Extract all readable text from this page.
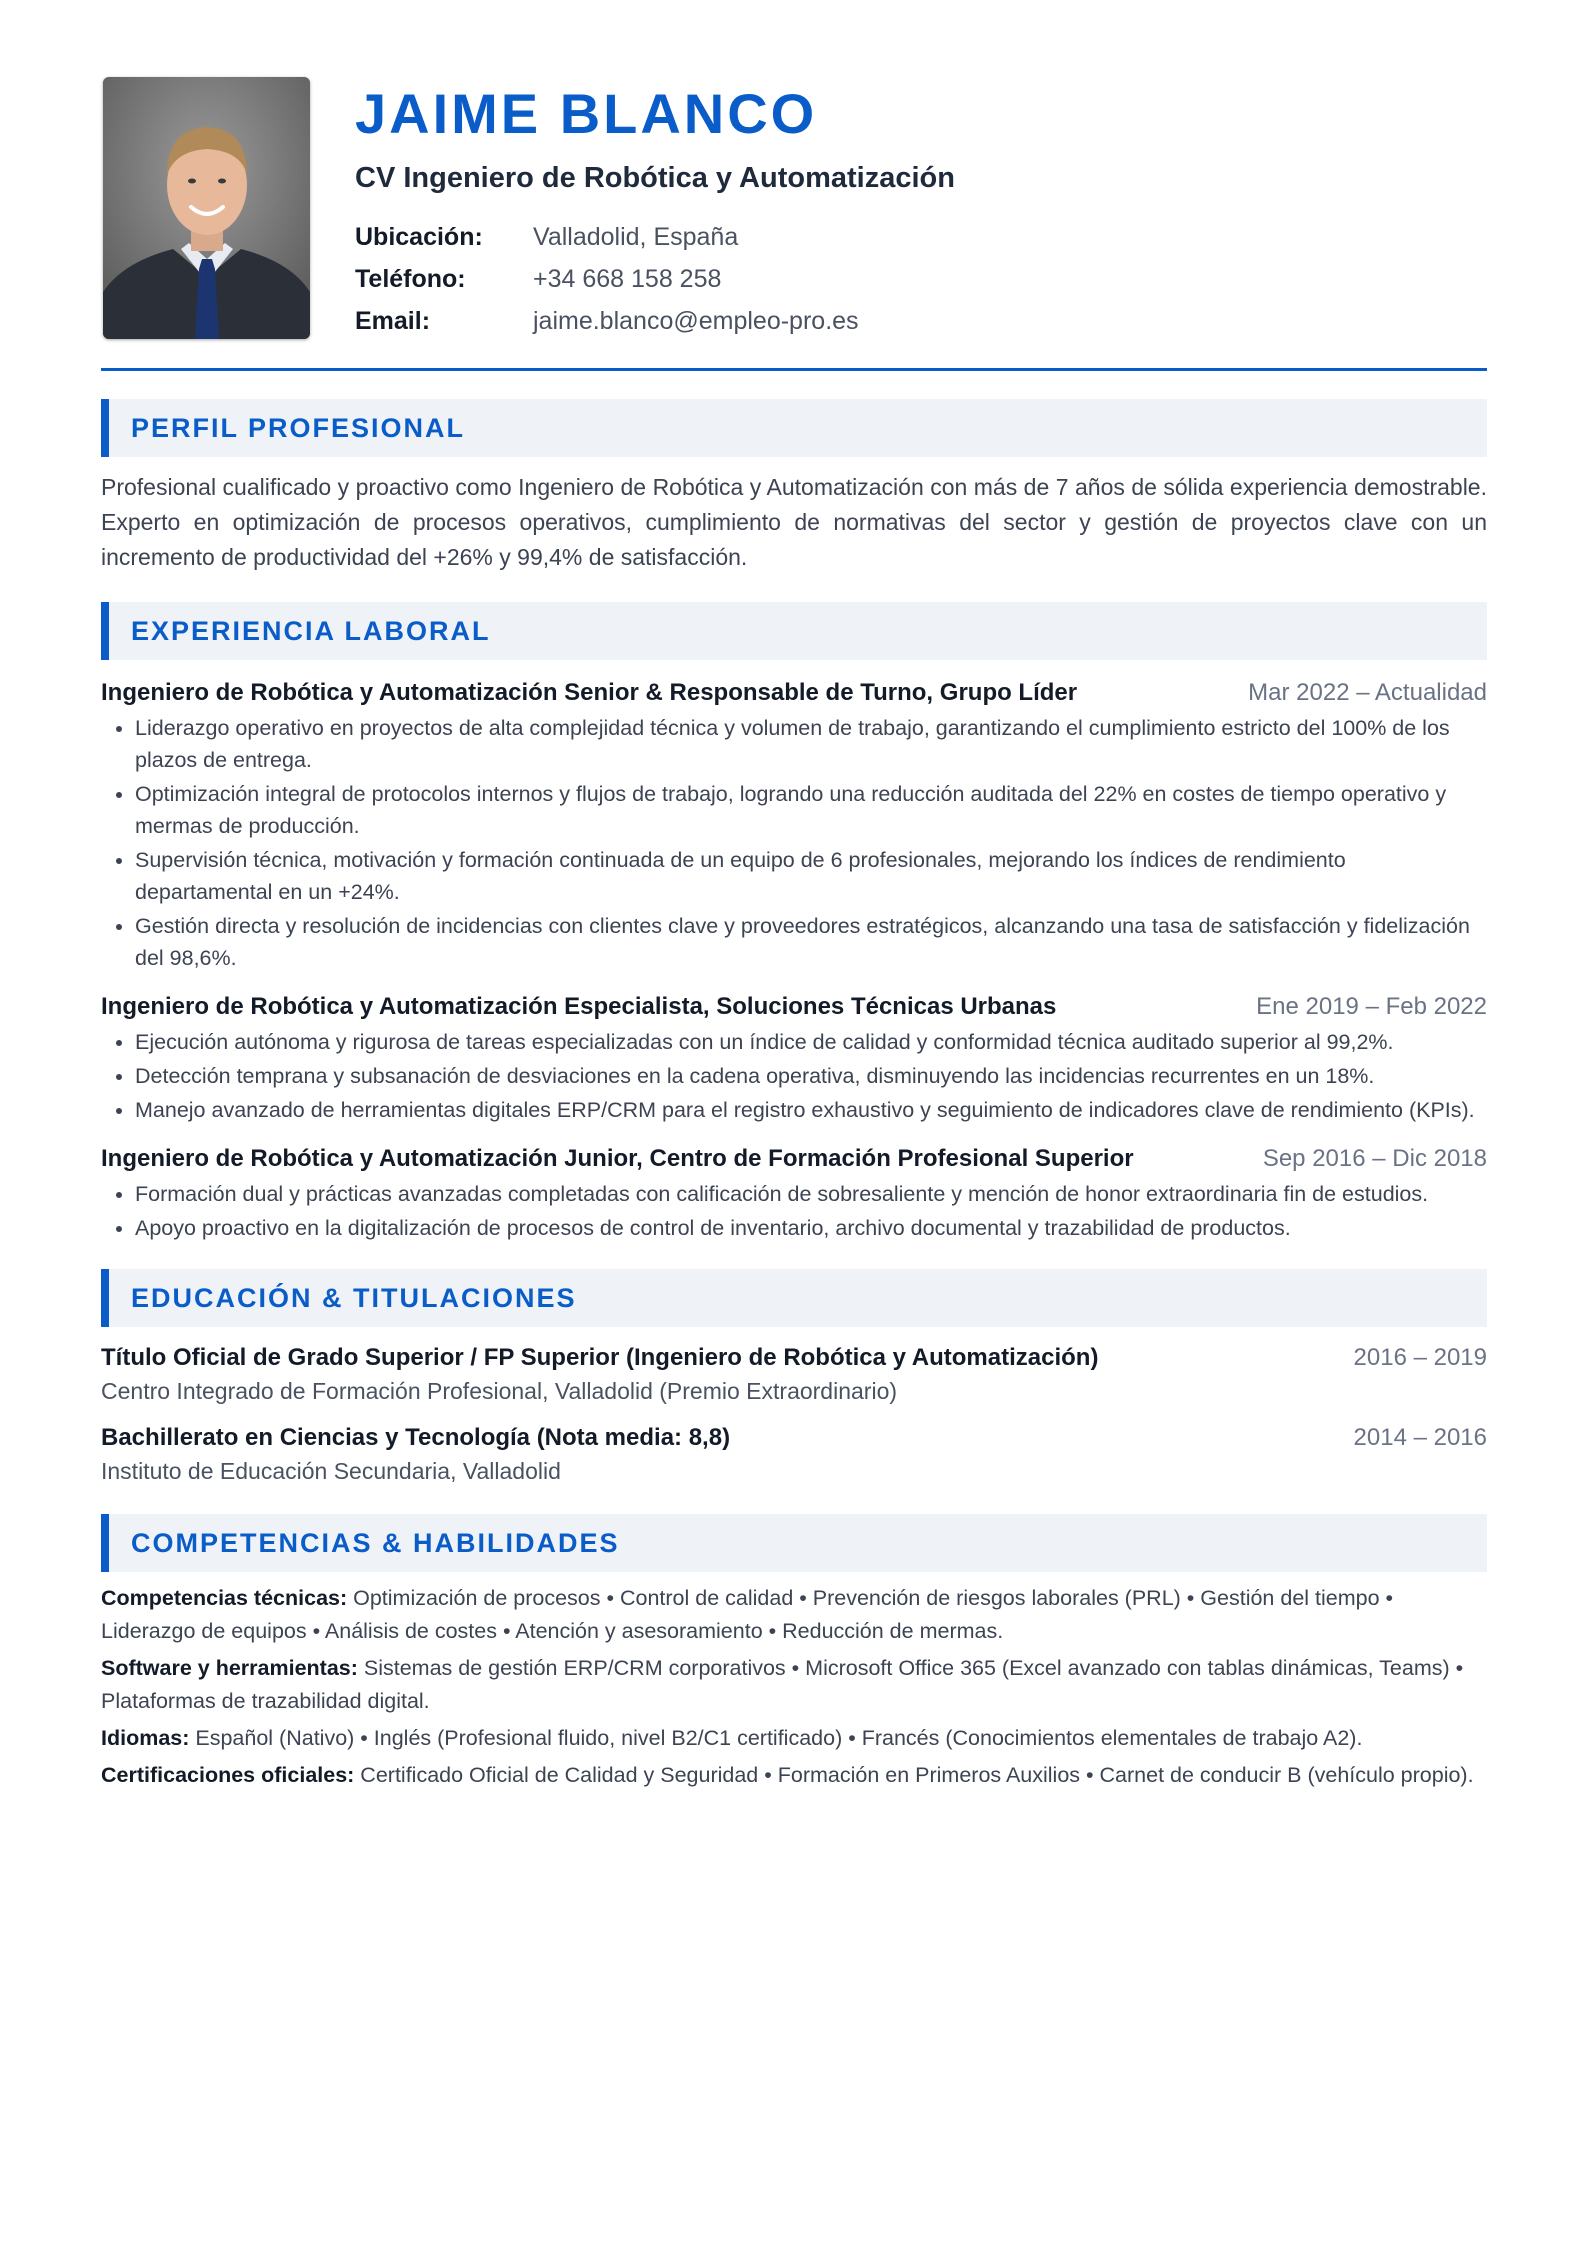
JAIME BLANCO
CV Ingeniero de Robótica y Automatización
Ubicación:	Valladolid, España
Teléfono:	+34 668 158 258
Email:	jaime.blanco@empleo-pro.es
PERFIL PROFESIONAL
Profesional cualificado y proactivo como Ingeniero de Robótica y Automatización con más de 7 años de sólida experiencia demostrable. Experto en optimización de procesos operativos, cumplimiento de normativas del sector y gestión de proyectos clave con un incremento de productividad del +26% y 99,4% de satisfacción.
EXPERIENCIA LABORAL
Ingeniero de Robótica y Automatización Senior & Responsable de Turno, Grupo Líder	Mar 2022 – Actualidad
• Liderazgo operativo en proyectos de alta complejidad técnica y volumen de trabajo, garantizando el cumplimiento estricto del 100% de los plazos de entrega.
• Optimización integral de protocolos internos y flujos de trabajo, logrando una reducción auditada del 22% en costes de tiempo operativo y mermas de producción.
• Supervisión técnica, motivación y formación continuada de un equipo de 6 profesionales, mejorando los índices de rendimiento departamental en un +24%.
• Gestión directa y resolución de incidencias con clientes clave y proveedores estratégicos, alcanzando una tasa de satisfacción y fidelización del 98,6%.
Ingeniero de Robótica y Automatización Especialista, Soluciones Técnicas Urbanas	Ene 2019 – Feb 2022
• Ejecución autónoma y rigurosa de tareas especializadas con un índice de calidad y conformidad técnica auditado superior al 99,2%.
• Detección temprana y subsanación de desviaciones en la cadena operativa, disminuyendo las incidencias recurrentes en un 18%.
• Manejo avanzado de herramientas digitales ERP/CRM para el registro exhaustivo y seguimiento de indicadores clave de rendimiento (KPIs).
Ingeniero de Robótica y Automatización Junior, Centro de Formación Profesional Superior	Sep 2016 – Dic 2018
• Formación dual y prácticas avanzadas completadas con calificación de sobresaliente y mención de honor extraordinaria fin de estudios.
• Apoyo proactivo en la digitalización de procesos de control de inventario, archivo documental y trazabilidad de productos.
EDUCACIÓN & TITULACIONES
Título Oficial de Grado Superior / FP Superior (Ingeniero de Robótica y Automatización)	2016 – 2019
Centro Integrado de Formación Profesional, Valladolid (Premio Extraordinario)
Bachillerato en Ciencias y Tecnología (Nota media: 8,8)	2014 – 2016
Instituto de Educación Secundaria, Valladolid
COMPETENCIAS & HABILIDADES
Competencias técnicas: Optimización de procesos • Control de calidad • Prevención de riesgos laborales (PRL) • Gestión del tiempo • Liderazgo de equipos • Análisis de costes • Atención y asesoramiento • Reducción de mermas.
Software y herramientas: Sistemas de gestión ERP/CRM corporativos • Microsoft Office 365 (Excel avanzado con tablas dinámicas, Teams) • Plataformas de trazabilidad digital.
Idiomas: Español (Nativo) • Inglés (Profesional fluido, nivel B2/C1 certificado) • Francés (Conocimientos elementales de trabajo A2).
Certificaciones oficiales: Certificado Oficial de Calidad y Seguridad • Formación en Primeros Auxilios • Carnet de conducir B (vehículo propio).
